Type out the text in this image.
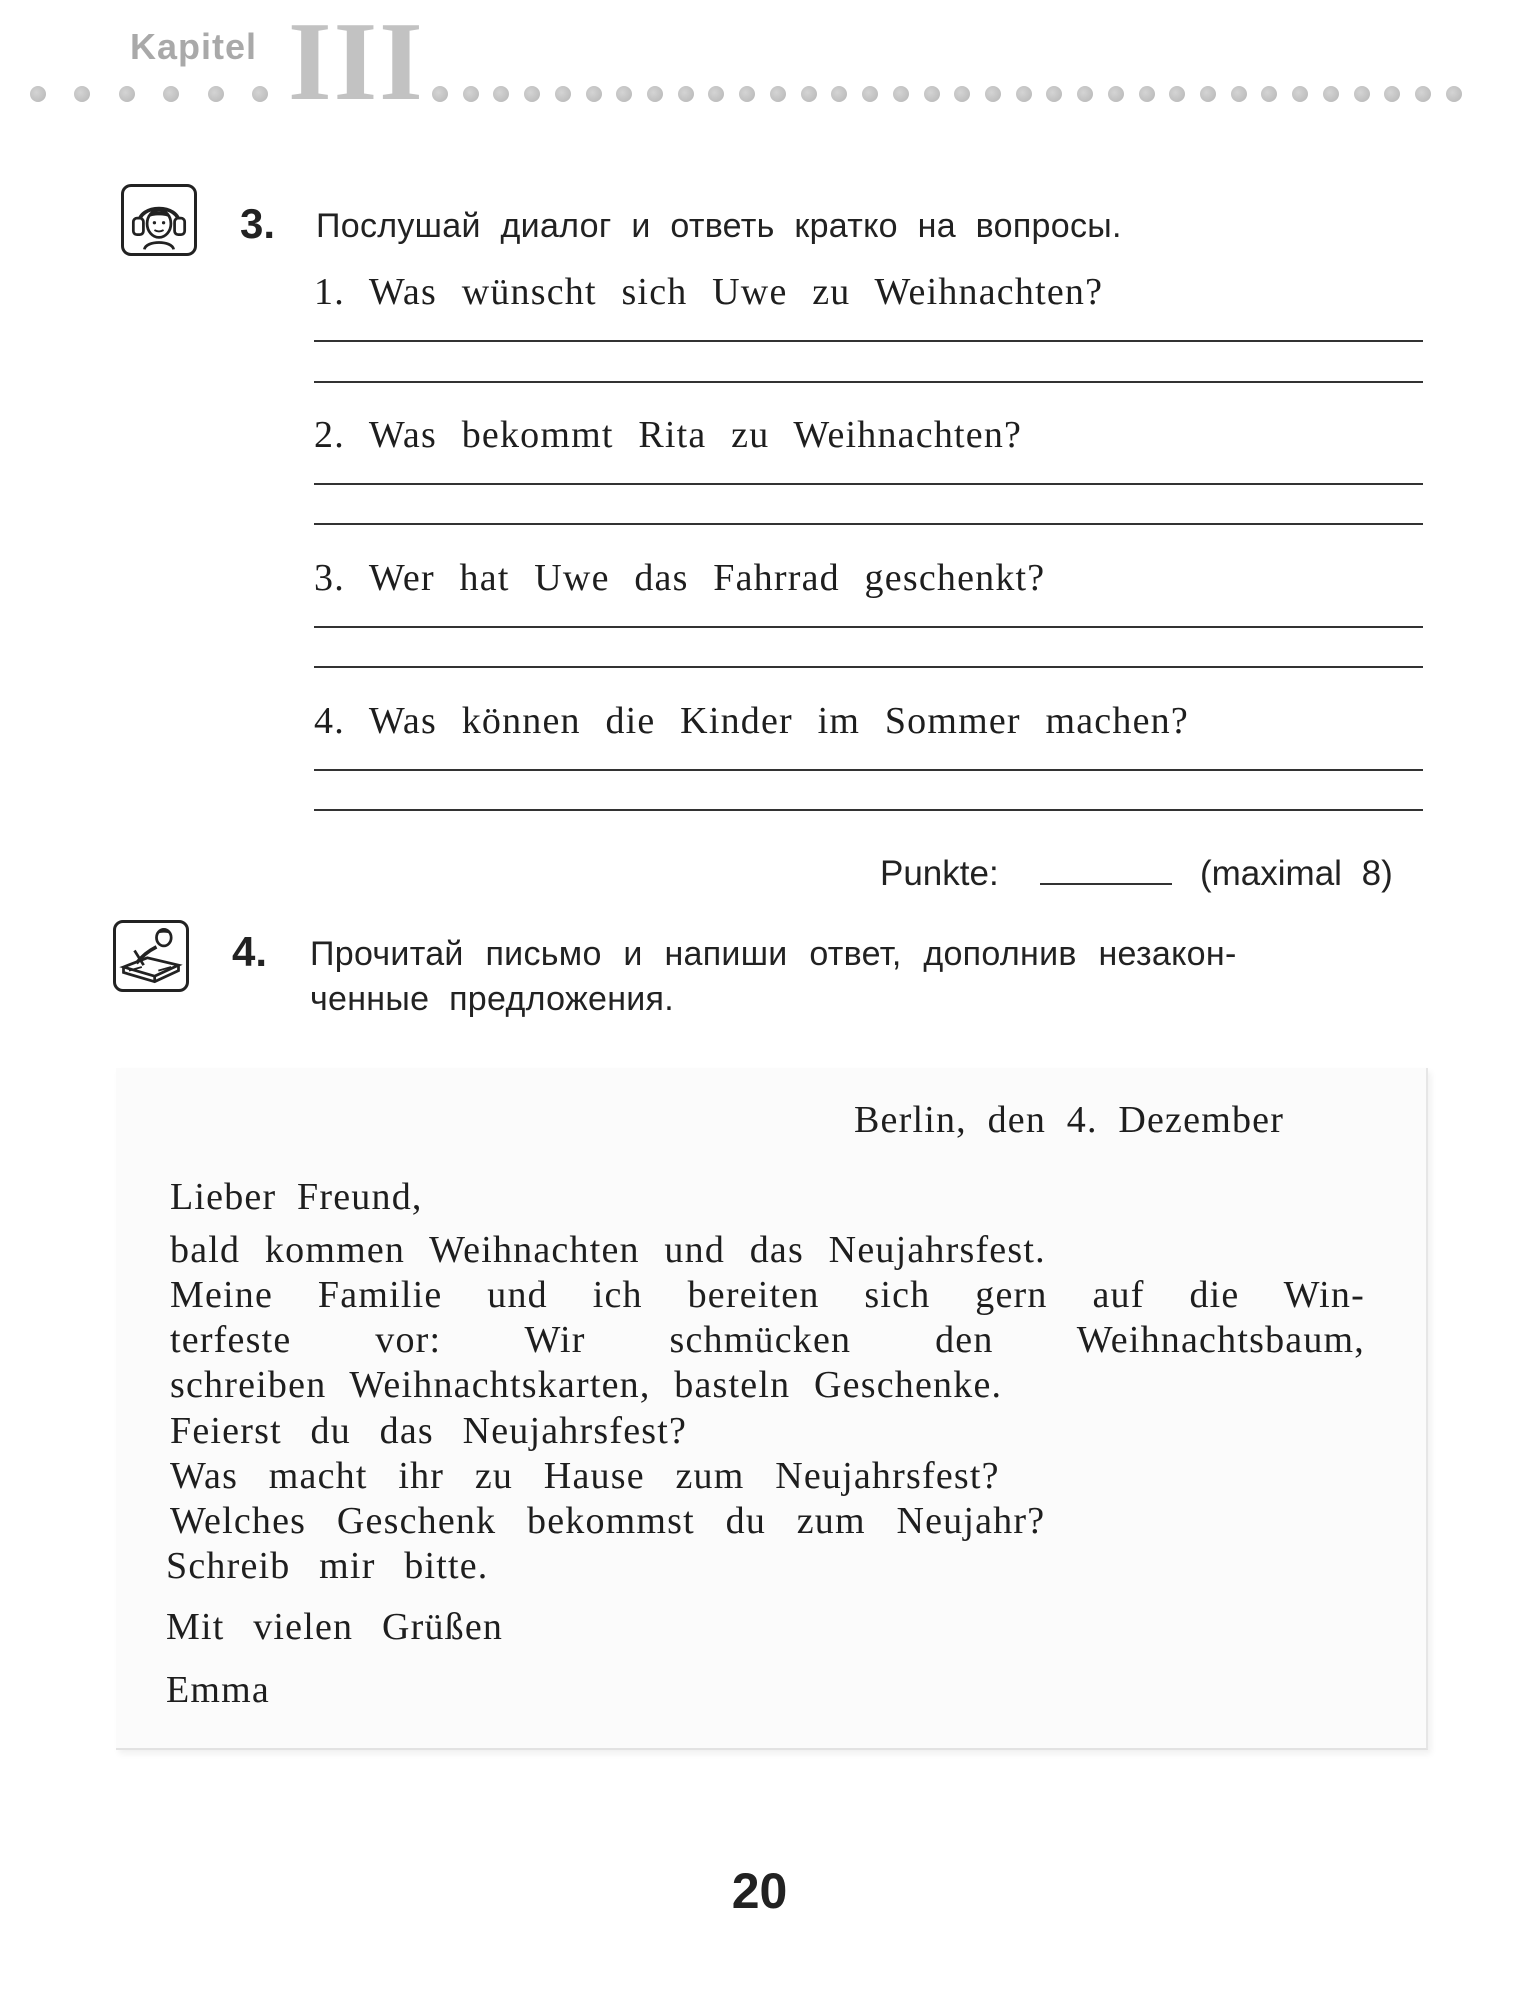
Kapitel III
3. Послушай диалог и ответь кратко на вопросы.
1. Was wünscht sich Uwe zu Weihnachten?
2. Was bekommt Rita zu Weihnachten?
3. Wer hat Uwe das Fahrrad geschenkt?
4. Was können die Kinder im Sommer machen?
Punkte:	(maximal 8)
4. Прочитай письмо и напиши ответ, дополнив незакон-
ченные предложения.
Berlin, den 4. Dezember
Lieber Freund,
bald kommen Weihnachten und das Neujahrsfest.
Meine Familie und ich bereiten sich gern auf die Win-
terfeste vor: Wir schmücken den Weihnachtsbaum,
schreiben Weihnachtskarten, basteln Geschenke.
Feierst du das Neujahrsfest?
Was macht ihr zu Hause zum Neujahrsfest?
Welches Geschenk bekommst du zum Neujahr?
Schreib mir bitte.
Mit vielen Grüßen
Emma
20
